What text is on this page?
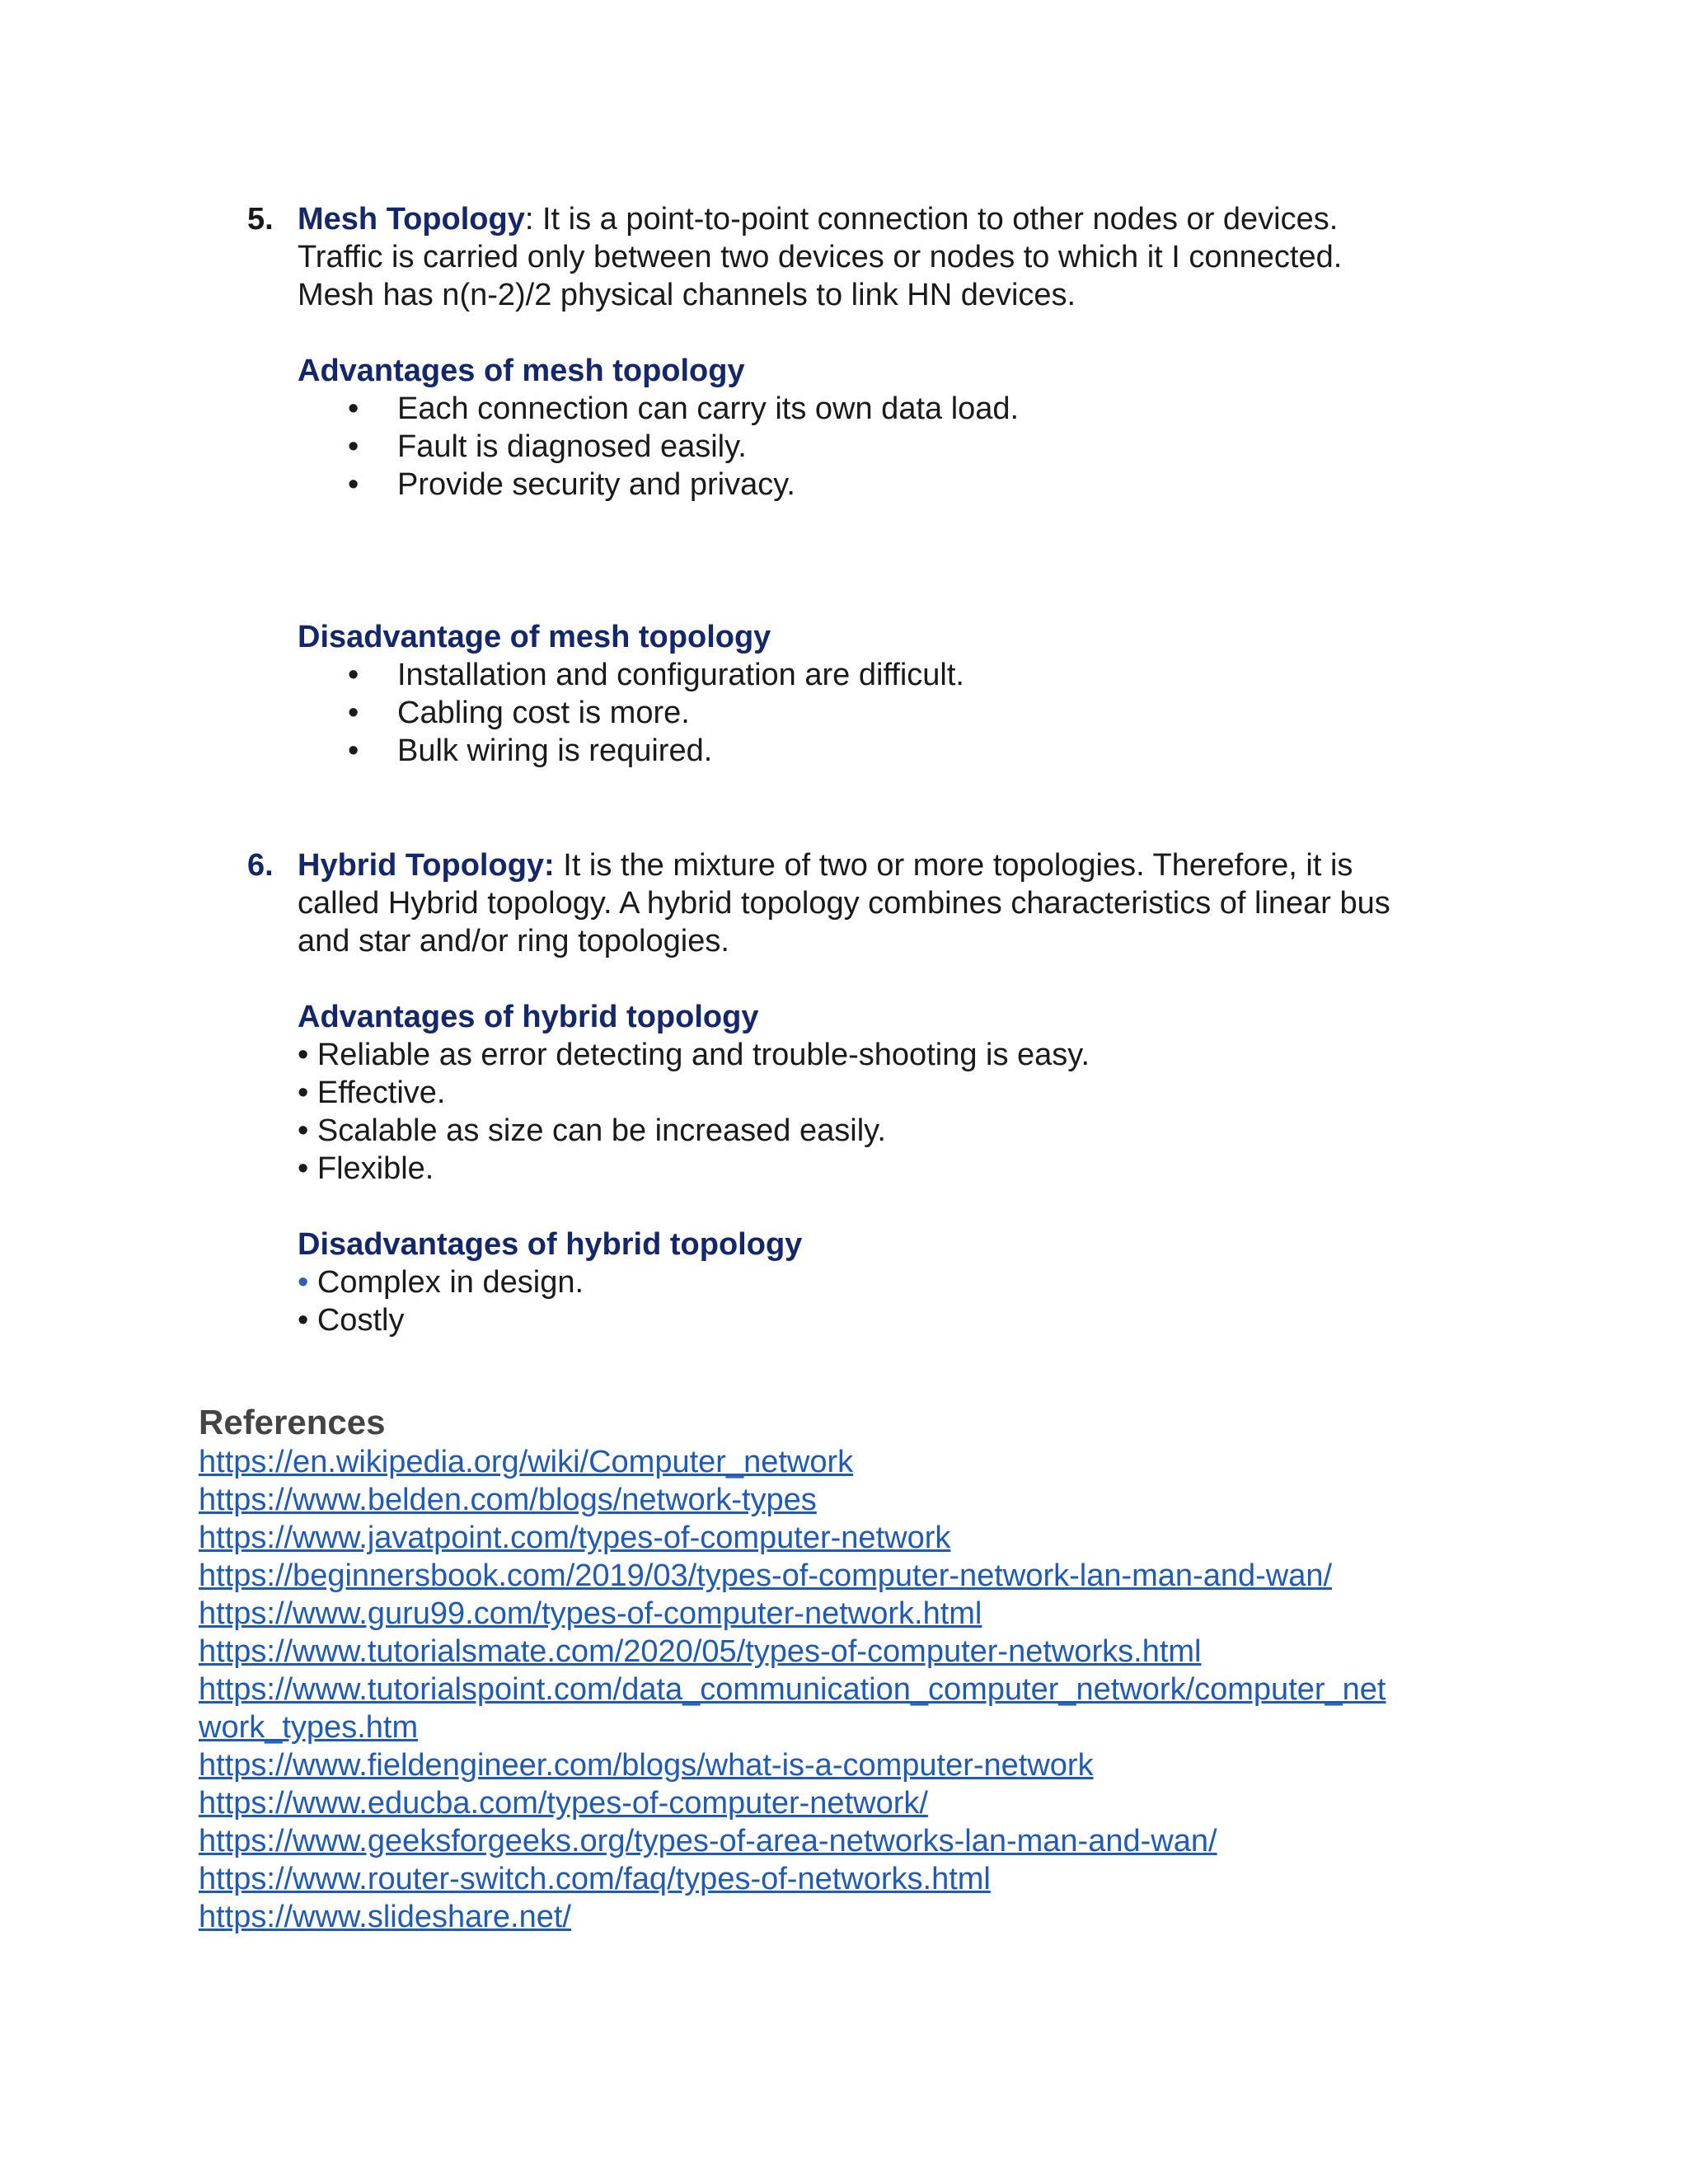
5. Mesh Topology: It is a point-to-point connection to other nodes or devices.
Traffic is carried only between two devices or nodes to which it I connected.
Mesh has n(n-2)/2 physical channels to link HN devices.
Advantages of mesh topology
• Each connection can carry its own data load.
• Fault is diagnosed easily.
• Provide security and privacy.
Disadvantage of mesh topology
• Installation and configuration are difficult.
• Cabling cost is more.
• Bulk wiring is required.
6. Hybrid Topology: It is the mixture of two or more topologies. Therefore, it is
called Hybrid topology. A hybrid topology combines characteristics of linear bus
and star and/or ring topologies.
Advantages of hybrid topology
• Reliable as error detecting and trouble-shooting is easy.
• Effective.
• Scalable as size can be increased easily.
• Flexible.
Disadvantages of hybrid topology
• Complex in design.
• Costly
References
https://en.wikipedia.org/wiki/Computer_network
https://www.belden.com/blogs/network-types
https://www.javatpoint.com/types-of-computer-network
https://beginnersbook.com/2019/03/types-of-computer-network-lan-man-and-wan/
https://www.guru99.com/types-of-computer-network.html
https://www.tutorialsmate.com/2020/05/types-of-computer-networks.html
https://www.tutorialspoint.com/data_communication_computer_network/computer_net
work_types.htm
https://www.fieldengineer.com/blogs/what-is-a-computer-network
https://www.educba.com/types-of-computer-network/
https://www.geeksforgeeks.org/types-of-area-networks-lan-man-and-wan/
https://www.router-switch.com/faq/types-of-networks.html
https://www.slideshare.net/
